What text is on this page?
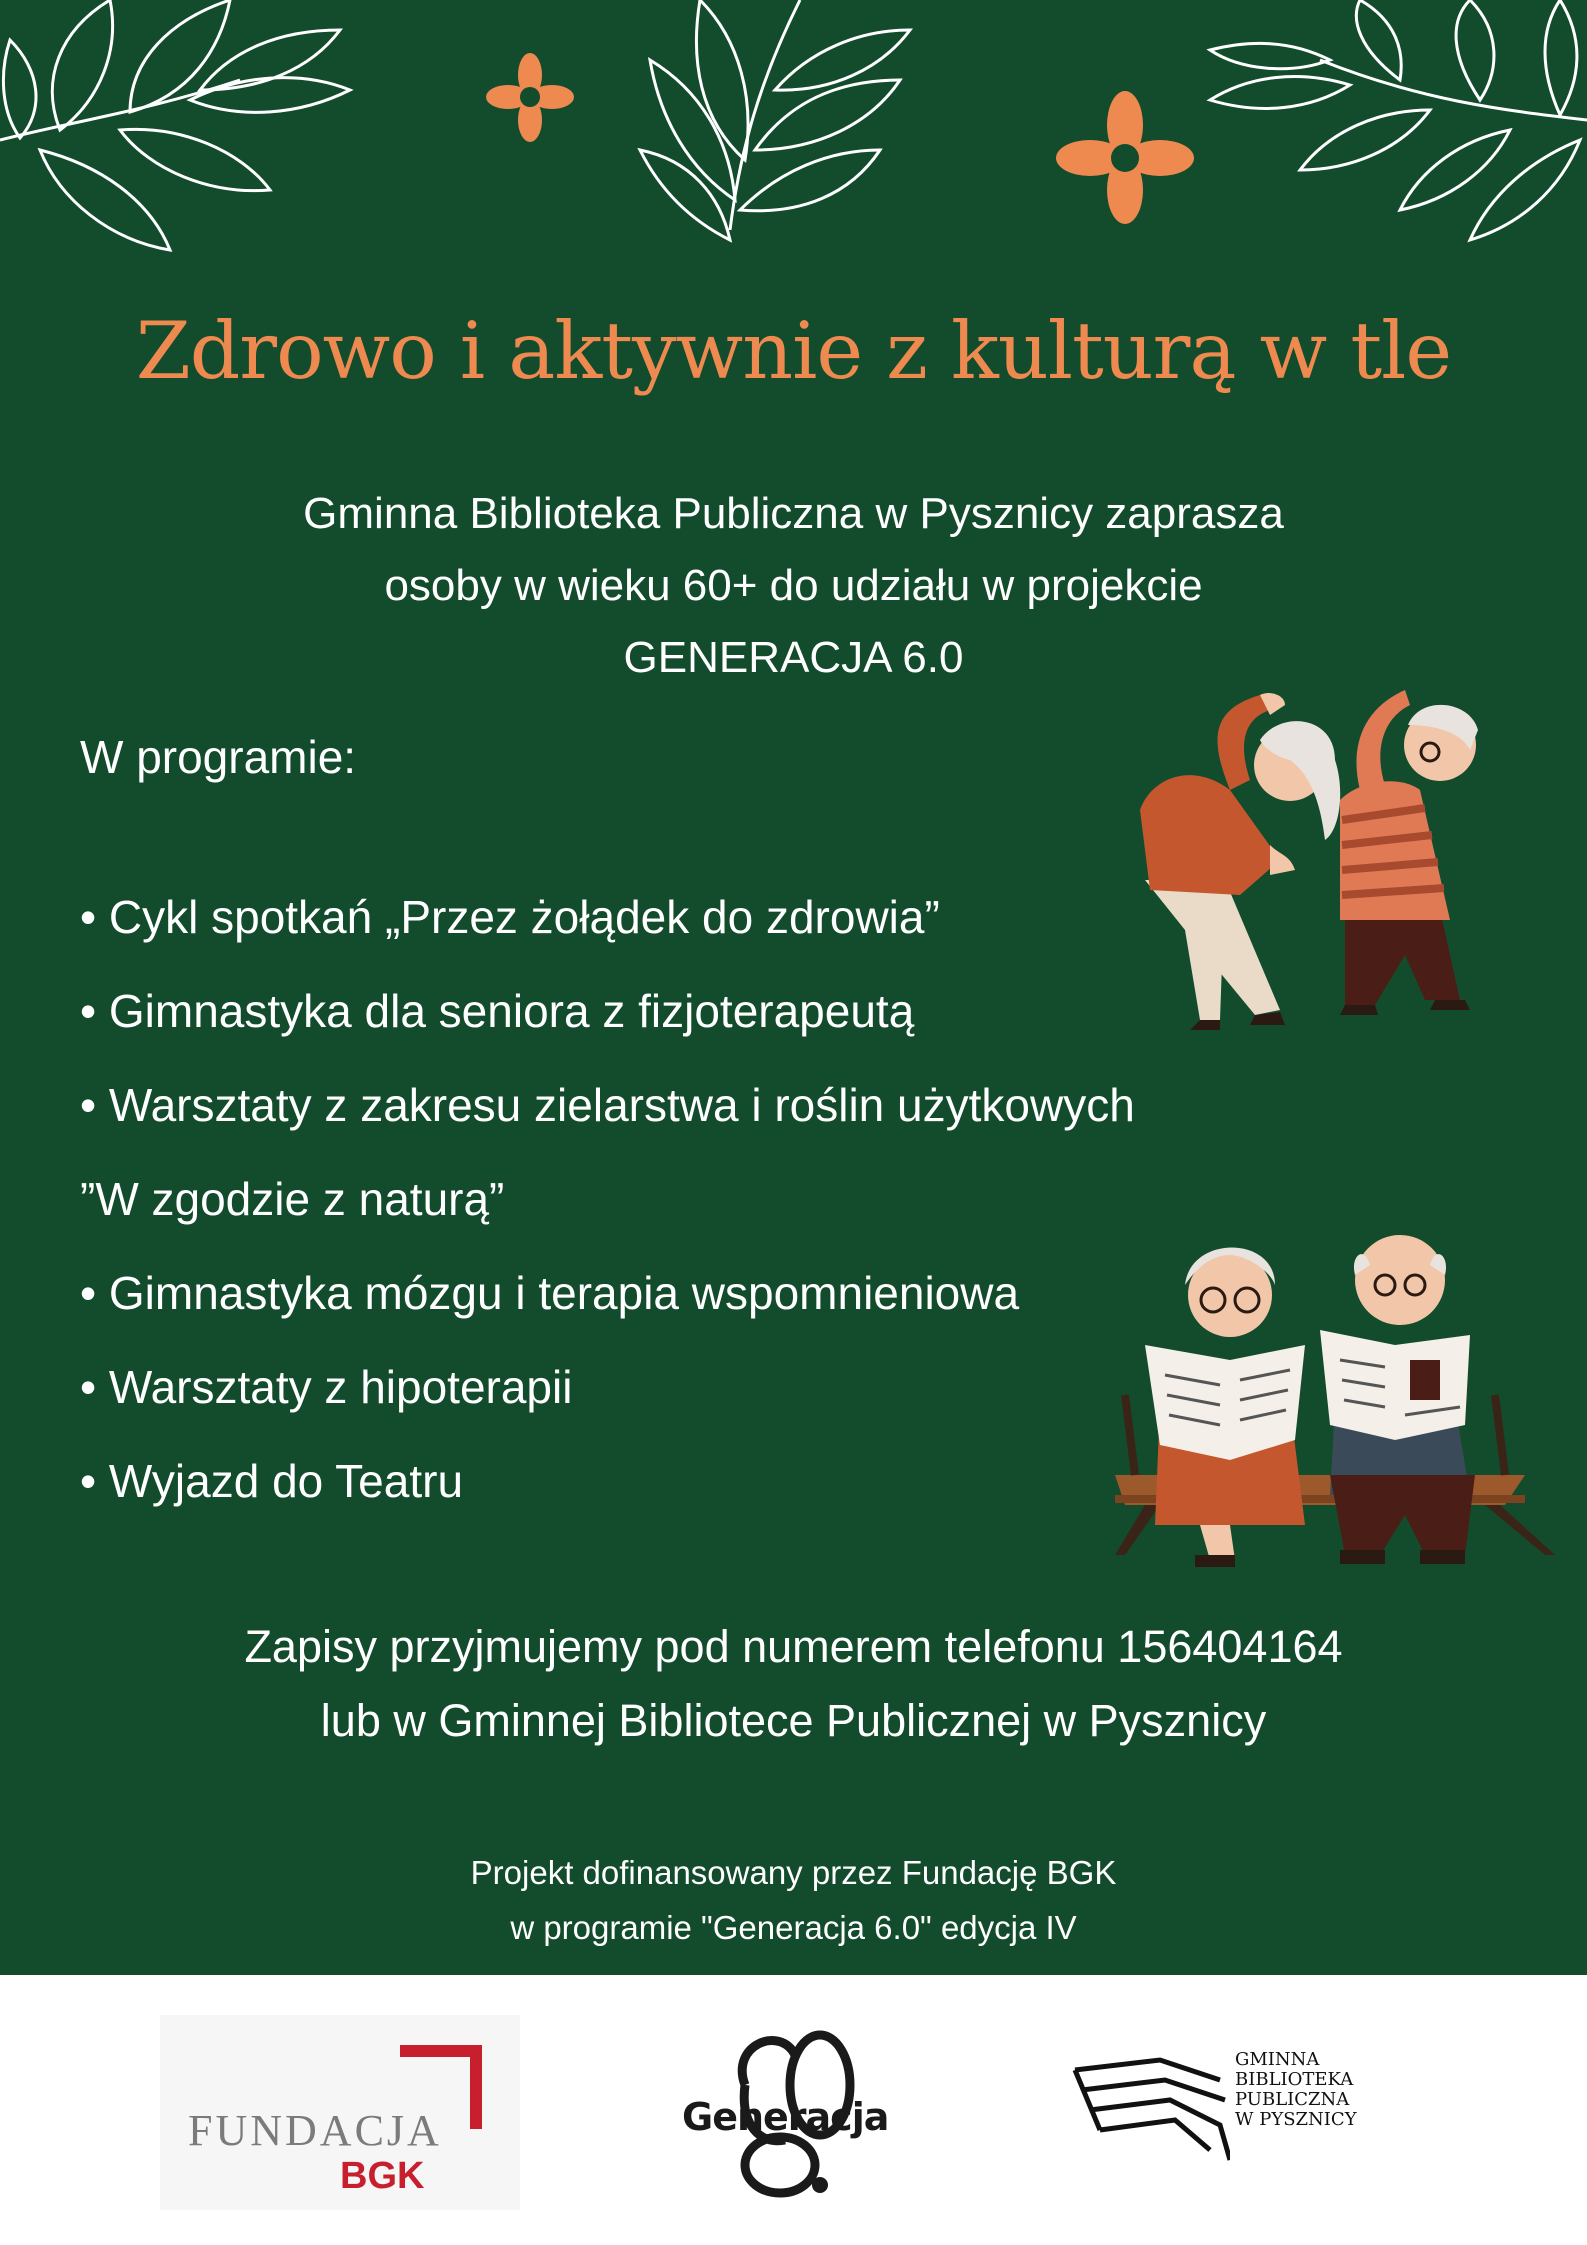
Zdrowo i aktywnie z kulturą w tle
Gminna Biblioteka Publiczna w Pysznicy zaprasza
osoby w wieku 60+ do udziału w projekcie
GENERACJA 6.0
W programie:
• Cykl spotkań „Przez żołądek do zdrowia”
• Gimnastyka dla seniora z fizjoterapeutą
• Warsztaty z zakresu zielarstwa i roślin użytkowych
”W zgodzie z naturą”
• Gimnastyka mózgu i terapia wspomnieniowa
• Warsztaty z hipoterapii
• Wyjazd do Teatru
Zapisy przyjmujemy pod numerem telefonu 156404164
lub w Gminnej Bibliotece Publicznej w Pysznicy
Projekt dofinansowany przez Fundację BGK
w programie "Generacja 6.0" edycja IV
FUNDACJA
BGK
Generacja
GMINNA
BIBLIOTEKA
PUBLICZNA
W PYSZNICY
